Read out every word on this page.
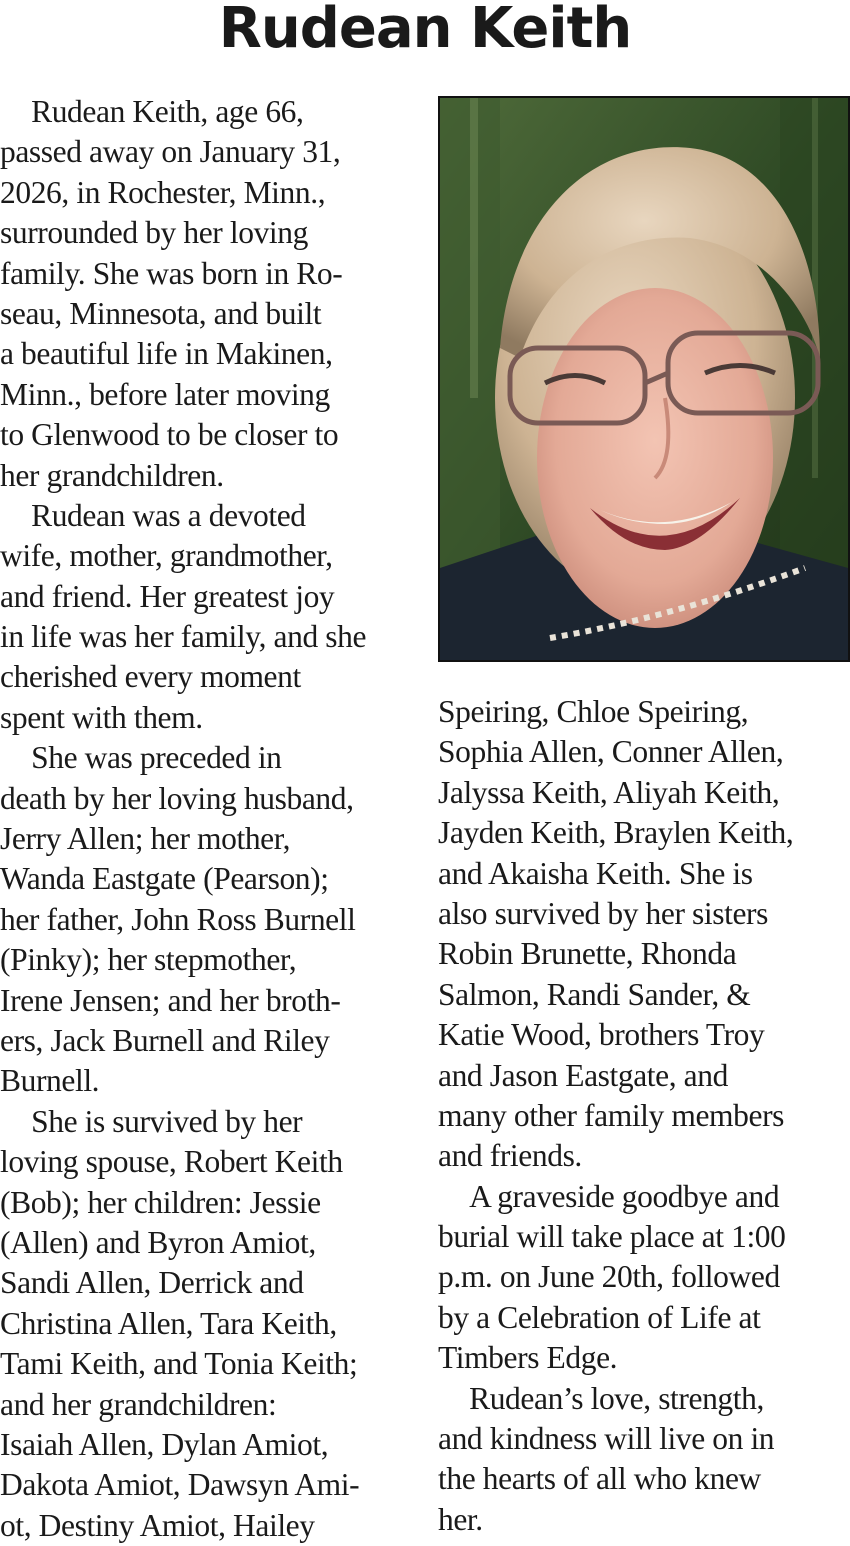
Rudean Keith
 Rudean Keith, age 66,
passed away on January 31,
2026, in Rochester, Minn.,
surrounded by her loving
family. She was born in Ro-
seau, Minnesota, and built
a beautiful life in Makinen,
Minn., before later moving
to Glenwood to be closer to
her grandchildren.
 Rudean was a devoted
wife, mother, grandmother,
and friend. Her greatest joy
in life was her family, and she
cherished every moment
spent with them.
 She was preceded in
death by her loving husband,
Jerry Allen; her mother,
Wanda Eastgate (Pearson);
her father, John Ross Burnell
(Pinky); her stepmother,
Irene Jensen; and her broth-
ers, Jack Burnell and Riley
Burnell.
 She is survived by her
loving spouse, Robert Keith
(Bob); her children: Jessie
(Allen) and Byron Amiot,
Sandi Allen, Derrick and
Christina Allen, Tara Keith,
Tami Keith, and Tonia Keith;
and her grandchildren:
Isaiah Allen, Dylan Amiot,
Dakota Amiot, Dawsyn Ami-
ot, Destiny Amiot, Hailey
Speiring, Chloe Speiring,
Sophia Allen, Conner Allen,
Jalyssa Keith, Aliyah Keith,
Jayden Keith, Braylen Keith,
and Akaisha Keith. She is
also survived by her sisters
Robin Brunette, Rhonda
Salmon, Randi Sander, &
Katie Wood, brothers Troy
and Jason Eastgate, and
many other family members
and friends.
 A graveside goodbye and
burial will take place at 1:00
p.m. on June 20th, followed
by a Celebration of Life at
Timbers Edge.
 Rudean’s love, strength,
and kindness will live on in
the hearts of all who knew
her.
